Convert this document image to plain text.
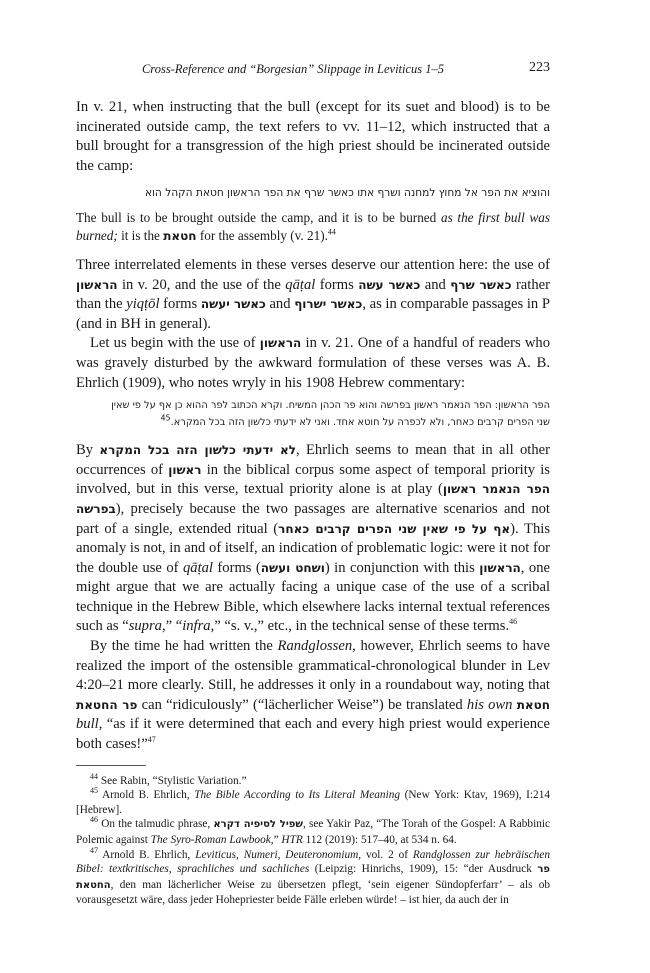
Cross-Reference and “Borgesian” Slippage in Leviticus 1–5	223

In v. 21, when instructing that the bull (except for its suet and blood) is to be incinerated outside camp, the text refers to vv. 11–12, which instructed that a bull brought for a transgression of the high priest should be incinerated outside the camp:

והוציא את הפר אל מחוץ למחנה ושרף אתו כאשר שרף את הפר הראשון חטאת הקהל הוא

The bull is to be brought outside the camp, and it is to be burned as the first bull was burned; it is the חטאת for the assembly (v. 21).$^{44}$

Three interrelated elements in these verses deserve our attention here: the use of הראשון in v. 20, and the use of the qāṭal forms כאשר עשה and כאשר שרף rather than the yiqṭōl forms כאשר יעשה and כאשר ישרוף, as in comparable passages in P (and in BH in general).

Let us begin with the use of הראשון in v. 21. One of a handful of readers who was gravely disturbed by the awkward formulation of these verses was A. B. Ehrlich (1909), who notes wryly in his 1908 Hebrew commentary:

הפר הראשון: הפר הנאמר ראשון בפרשה והוא פר הכהן המשיח. וקרא הכתוב לפר ההוא כן אף על פי שאין
שני הפרים קרבים כאחר, ולא לכפרה על חוטא אחד. ואני לא ידעתי כלשון הזה בכל המקרא.$^{45}$

By לא ידעתי כלשון הזה בכל המקרא, Ehrlich seems to mean that in all other occurrences of ראשון in the biblical corpus some aspect of temporal priority is involved, but in this verse, textual priority alone is at play (הפר הנאמר ראשון בפרשה), precisely because the two passages are alternative scenarios and not part of a single, extended ritual (אף על פי שאין שני הפרים קרבים כאחר). This anomaly is not, in and of itself, an indication of problematic logic: were it not for the double use of qāṭal forms (ושחט ועשה) in conjunction with this הראשון, one might argue that we are actually facing a unique case of the use of a scribal technique in the Hebrew Bible, which elsewhere lacks internal textual references such as “supra,” “infra,” “s. v.,” etc., in the technical sense of these terms.$^{46}$

By the time he had written the Randglossen, however, Ehrlich seems to have realized the import of the ostensible grammatical-chronological blunder in Lev 4:20–21 more clearly. Still, he addresses it only in a roundabout way, noting that פר החטאת can “ridiculously” (“lächerlicher Weise”) be translated his own חטאת bull, “as if it were determined that each and every high priest would experience both cases!”$^{47}$

$^{44}$ See Rabin, “Stylistic Variation.”

$^{45}$ Arnold B. Ehrlich, The Bible According to Its Literal Meaning (New York: Ktav, 1969), I:214 [Hebrew].

$^{46}$ On the talmudic phrase, שפיל לסיפיה דקרא, see Yakir Paz, “The Torah of the Gospel: A Rabbinic Polemic against The Syro-Roman Lawbook,” HTR 112 (2019): 517–40, at 534 n. 64.

$^{47}$ Arnold B. Ehrlich, Leviticus, Numeri, Deuteronomium, vol. 2 of Randglossen zur hebräischen Bibel: textkritisches, sprachliches und sachliches (Leipzig: Hinrichs, 1909), 15: “der Ausdruck פר החטאת, den man lächerlicher Weise zu übersetzen pflegt, ‘sein eigener Sündopferfarr’ – als ob vorausgesetzt wäre, dass jeder Hohepriester beide Fälle erleben würde! – ist hier, da auch der in
